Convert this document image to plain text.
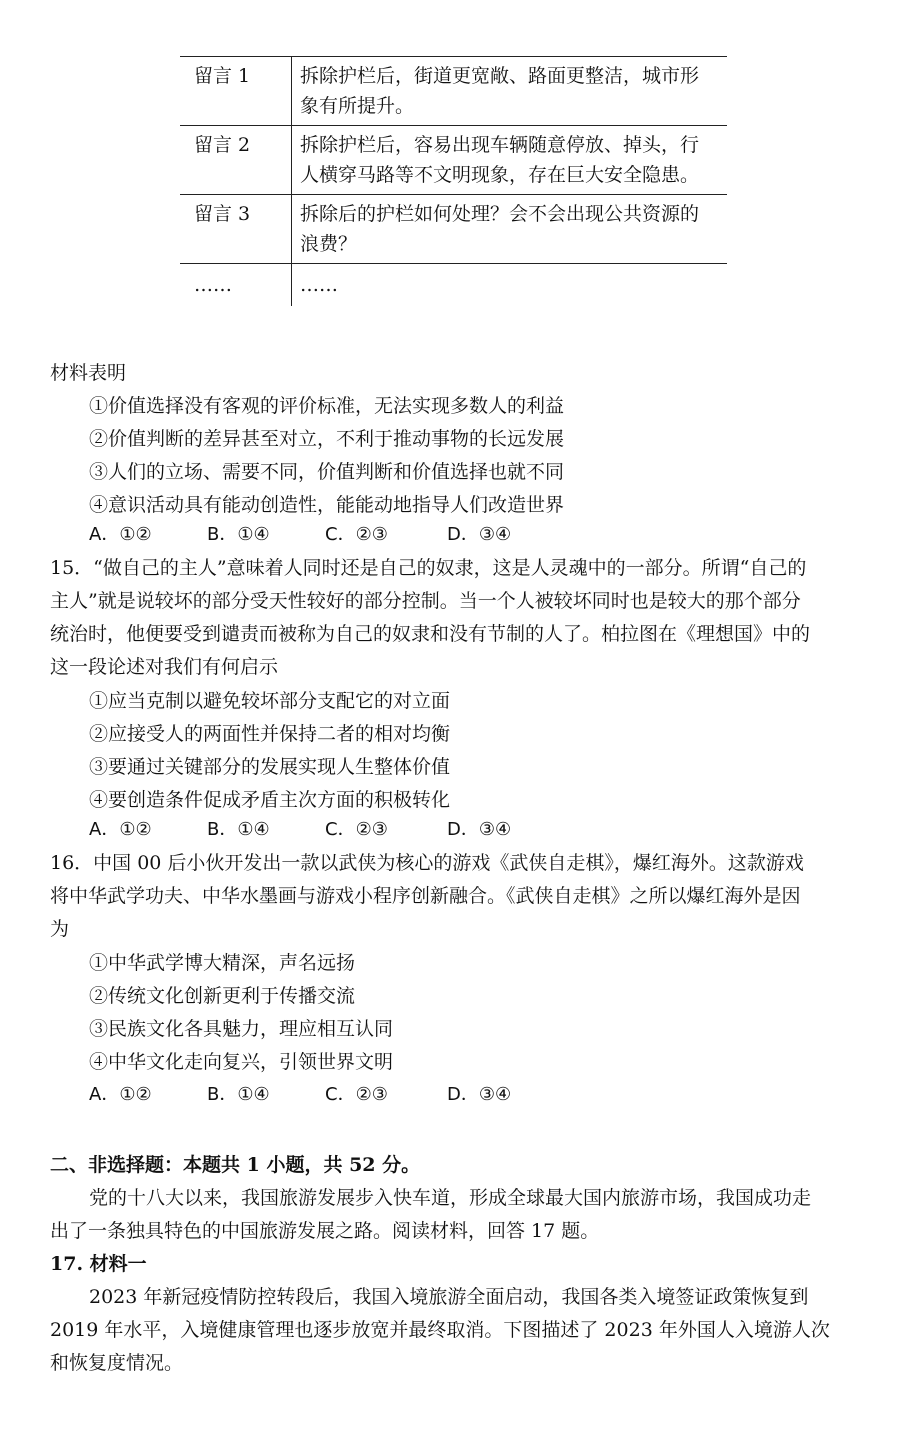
留言 1	拆除护栏后，街道更宽敞、路面更整洁，城市形
象有所提升。

留言 2	拆除护栏后，容易出现车辆随意停放、掉头，行
人横穿马路等不文明现象，存在巨大安全隐患。

留言 3	拆除后的护栏如何处理？会不会出现公共资源的
浪费？

……	……
材料表明
①价值选择没有客观的评价标准，无法实现多数人的利益
②价值判断的差异甚至对立，不利于推动事物的长远发展
③人们的立场、需要不同，价值判断和价值选择也就不同
④意识活动具有能动创造性，能能动地指导人们改造世界
A．①②	B．①④	C．②③	D．③④
15．“做自己的主人”意味着人同时还是自己的奴隶，这是人灵魂中的一部分。所谓“自己的
主人”就是说较坏的部分受天性较好的部分控制。当一个人被较坏同时也是较大的那个部分
统治时，他便要受到谴责而被称为自己的奴隶和没有节制的人了。柏拉图在《理想国》中的
这一段论述对我们有何启示
①应当克制以避免较坏部分支配它的对立面
②应接受人的两面性并保持二者的相对均衡
③要通过关键部分的发展实现人生整体价值
④要创造条件促成矛盾主次方面的积极转化
A．①②	B．①④	C．②③	D．③④
16．中国 00 后小伙开发出一款以武侠为核心的游戏《武侠自走棋》，爆红海外。这款游戏
将中华武学功夫、中华水墨画与游戏小程序创新融合。《武侠自走棋》之所以爆红海外是因
为
①中华武学博大精深，声名远扬
②传统文化创新更利于传播交流
③民族文化各具魅力，理应相互认同
④中华文化走向复兴，引领世界文明
A．①②	B．①④	C．②③	D．③④
二、非选择题：本题共 1 小题，共 52 分。
党的十八大以来，我国旅游发展步入快车道，形成全球最大国内旅游市场，我国成功走
出了一条独具特色的中国旅游发展之路。阅读材料，回答 17 题。
17. 材料一
2023 年新冠疫情防控转段后，我国入境旅游全面启动，我国各类入境签证政策恢复到
2019 年水平，入境健康管理也逐步放宽并最终取消。下图描述了 2023 年外国人入境游人次
和恢复度情况。
